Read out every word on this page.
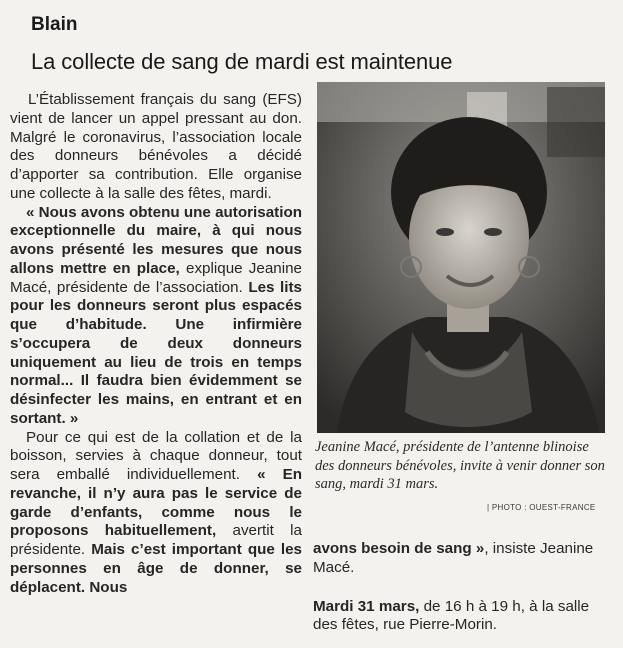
Blain
La collecte de sang de mardi est maintenue

L’Établissement français du sang (EFS) vient de lancer un appel pressant au don. Malgré le coronavirus, l’association locale des donneurs bénévoles a décidé d’apporter sa contribution. Elle organise une collecte à la salle des fêtes, mardi.

« Nous avons obtenu une autorisation exceptionnelle du maire, à qui nous avons présenté les mesures que nous allons mettre en place, explique Jeanine Macé, présidente de l’association. Les lits pour les donneurs seront plus espacés que d’habitude. Une infirmière s’occupera de deux donneurs uniquement au lieu de trois en temps normal... Il faudra bien évidemment se désinfecter les mains, en entrant et en sortant. »

Pour ce qui est de la collation et de la boisson, servies à chaque donneur, tout sera emballé individuellement. « En revanche, il n’y aura pas le service de garde d’enfants, comme nous le proposons habituellement, avertit la présidente. Mais c’est important que les personnes en âge de donner, se déplacent. Nous

Jeanine Macé, présidente de l’antenne blinoise des donneurs bénévoles, invite à venir donner son sang, mardi 31 mars.
| PHOTO : OUEST-FRANCE

avons besoin de sang », insiste Jeanine Macé.

Mardi 31 mars, de 16 h à 19 h, à la salle des fêtes, rue Pierre-Morin.
